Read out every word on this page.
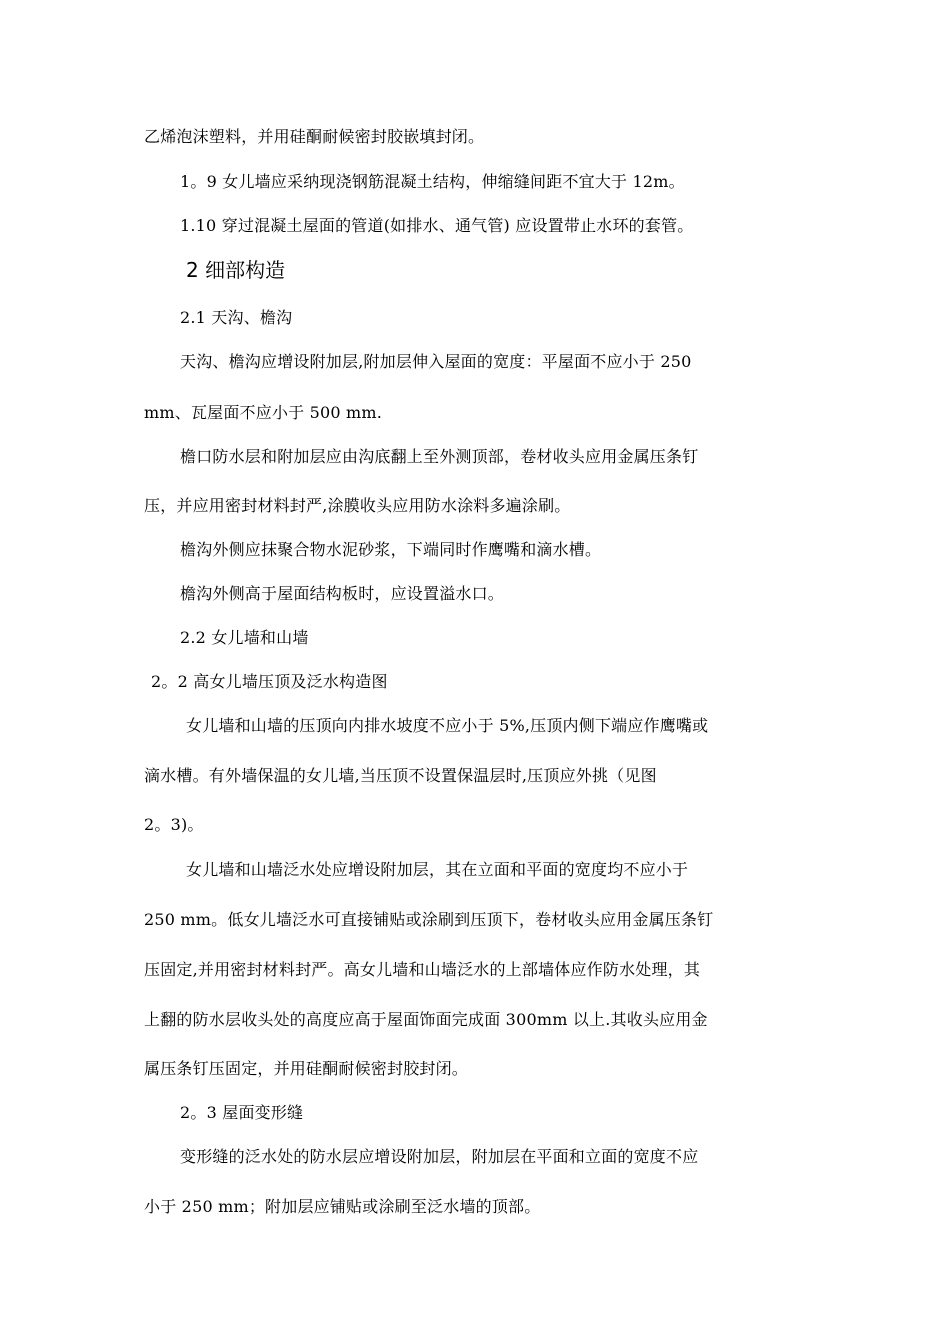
乙烯泡沫塑料，并用硅酮耐候密封胶嵌填封闭。
1。9 女儿墙应采纳现浇钢筋混凝土结构，伸缩缝间距不宜大于 12m。
1.10 穿过混凝土屋面的管道(如排水、通气管) 应设置带止水环的套管。
2 细部构造
2.1 天沟、檐沟
天沟、檐沟应增设附加层,附加层伸入屋面的宽度：平屋面不应小于 250
mm、瓦屋面不应小于 500 mm.
檐口防水层和附加层应由沟底翻上至外测顶部，卷材收头应用金属压条钉
压，并应用密封材料封严,涂膜收头应用防水涂料多遍涂刷。
檐沟外侧应抹聚合物水泥砂浆，下端同时作鹰嘴和滴水槽。
檐沟外侧高于屋面结构板时，应设置溢水口。
2.2 女儿墙和山墙
2。2 高女儿墙压顶及泛水构造图
女儿墙和山墙的压顶向内排水坡度不应小于 5%,压顶内侧下端应作鹰嘴或
滴水槽。有外墙保温的女儿墙,当压顶不设置保温层时,压顶应外挑（见图
2。3)。
女儿墙和山墙泛水处应增设附加层，其在立面和平面的宽度均不应小于
250 mm。低女儿墙泛水可直接铺贴或涂刷到压顶下，卷材收头应用金属压条钉
压固定,并用密封材料封严。高女儿墙和山墙泛水的上部墙体应作防水处理，其
上翻的防水层收头处的高度应高于屋面饰面完成面 300mm 以上.其收头应用金
属压条钉压固定，并用硅酮耐候密封胶封闭。
2。3 屋面变形缝
变形缝的泛水处的防水层应增设附加层，附加层在平面和立面的宽度不应
小于 250 mm；附加层应铺贴或涂刷至泛水墙的顶部。
